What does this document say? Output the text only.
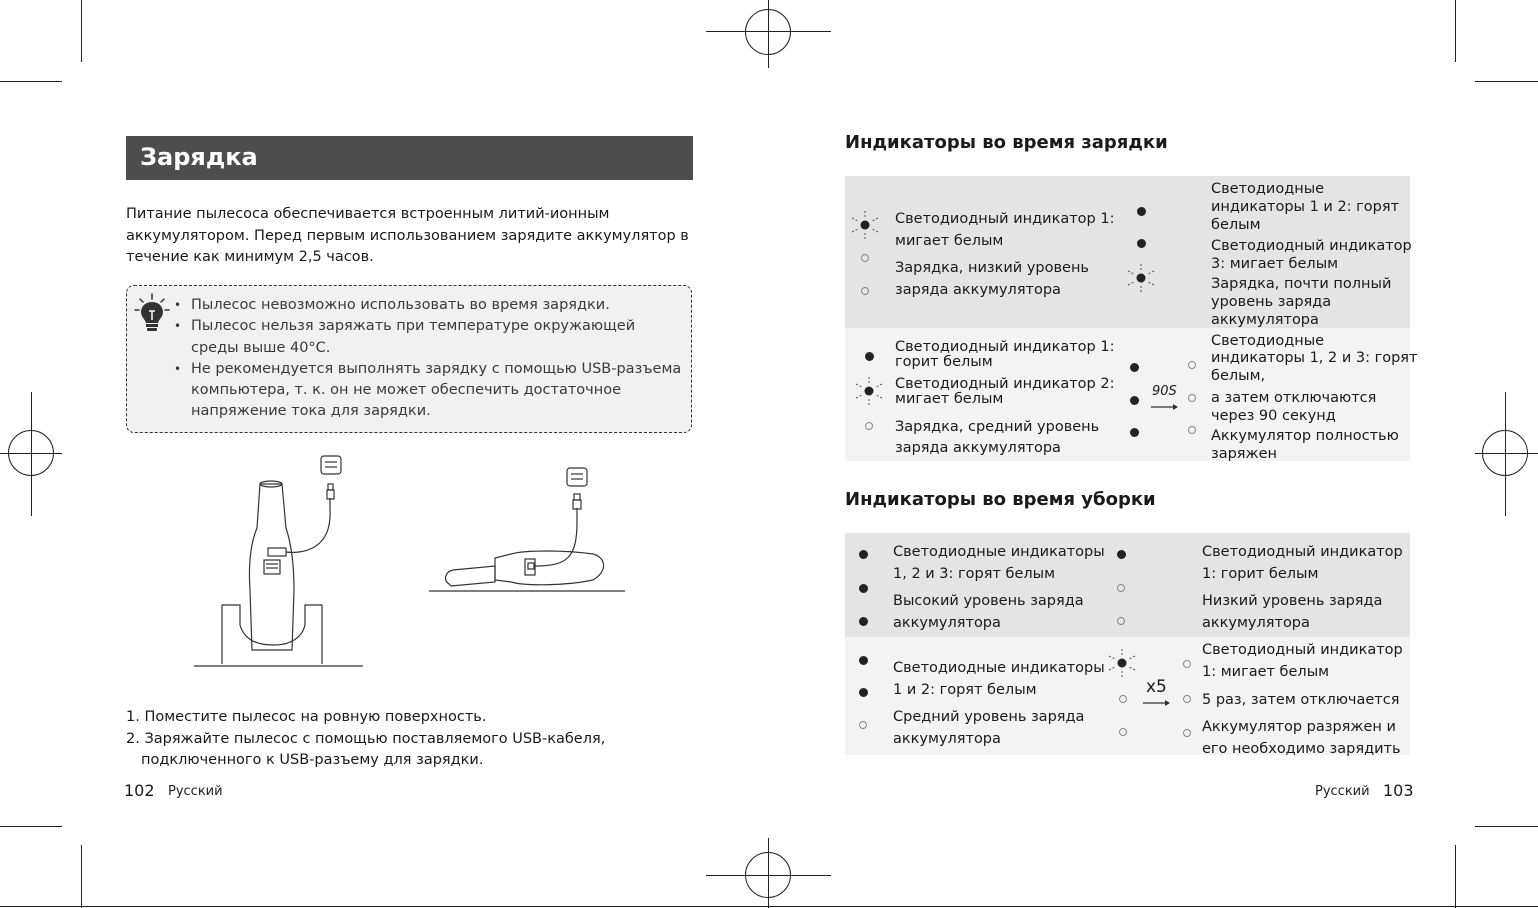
Зарядка

Питание пылесоса обеспечивается встроенным литий-ионным

аккумулятором. Перед первым использованием зарядите аккумулятор в

течение как минимум 2,5 часов.

• Пылесос невозможно использовать во время зарядки.
• Пылесос нельзя заряжать при температуре окружающей среды выше 40°C.
• Не рекомендуется выполнять зарядку с помощью USB-разъема компьютера, т. к. он не может обеспечить достаточное напряжение тока для зарядки.

1. Поместите пылесос на ровную поверхность.

2. Заряжайте пылесос с помощью поставляемого USB-кабеля,

подключенного к USB-разъему для зарядки.

102 Русский
Индикаторы во время зарядки
Светодиодный индикатор 1:
мигает белым
Зарядка, низкий уровень
заряда аккумулятора
Светодиодные
индикаторы 1 и 2: горят
белым
Светодиодный индикатор
3: мигает белым
Зарядка, почти полный
уровень заряда
аккумулятора
Светодиодный индикатор 1:
горит белым
Светодиодный индикатор 2:
мигает белым
Зарядка, средний уровень
заряда аккумулятора
90S
Светодиодные
индикаторы 1, 2 и 3: горят
белым,
а затем отключаются
через 90 секунд
Аккумулятор полностью
заряжен
Индикаторы во время уборки
Светодиодные индикаторы
1, 2 и 3: горят белым
Высокий уровень заряда
аккумулятора
Светодиодный индикатор
1: горит белым
Низкий уровень заряда
аккумулятора
Светодиодные индикаторы
1 и 2: горят белым
Средний уровень заряда
аккумулятора
x5
Светодиодный индикатор
1: мигает белым
5 раз, затем отключается
Аккумулятор разряжен и
его необходимо зарядить
Русский 103
